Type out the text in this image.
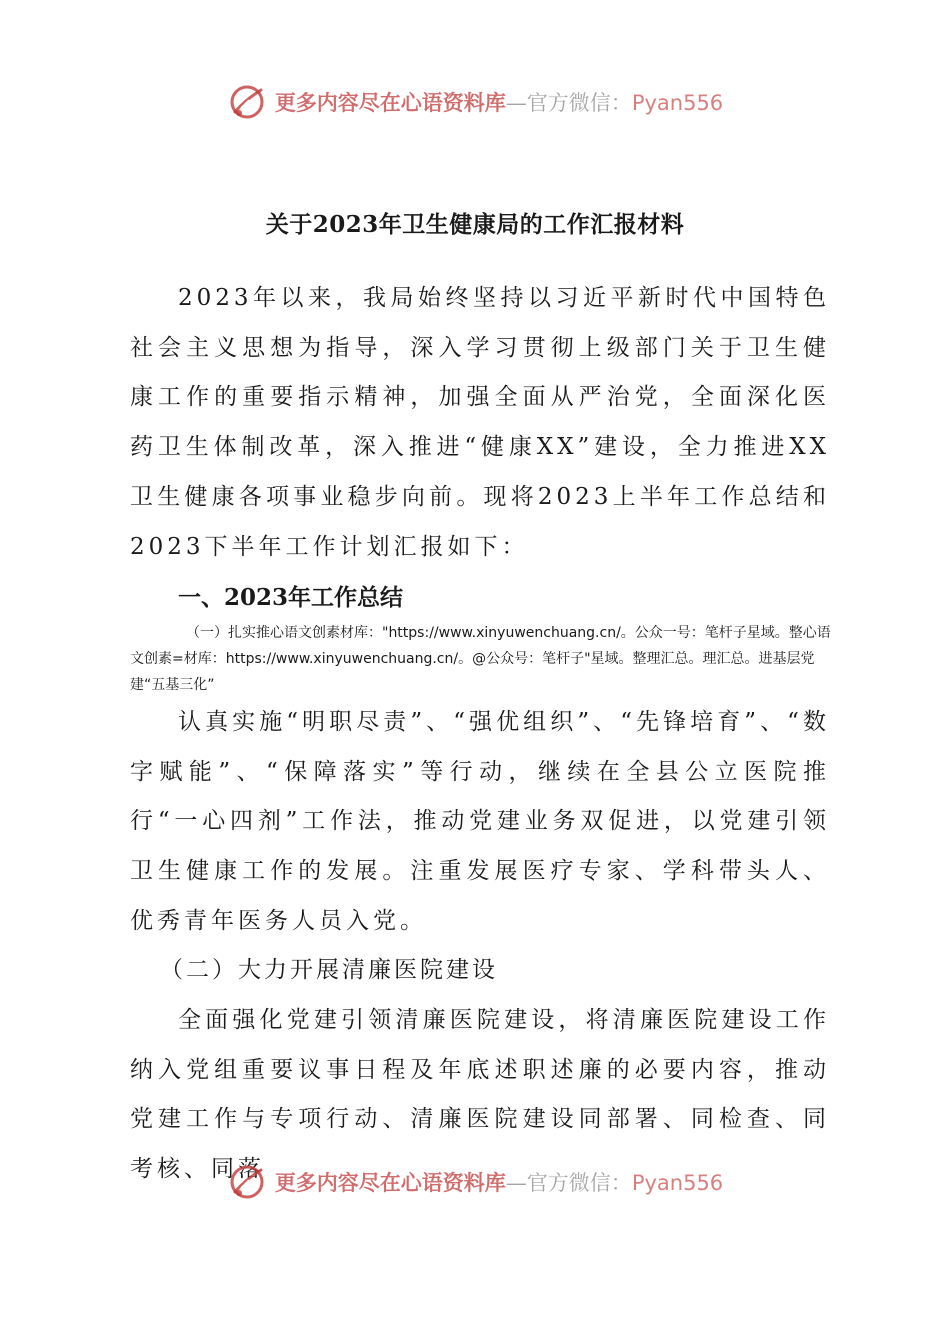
更多内容尽在心语资料库—官方微信：Pyan556
关于2023年卫生健康局的工作汇报材料

2023年以来，我局始终坚持以习近平新时代中国特色社会主义思想为指导，深入学习贯彻上级部门关于卫生健康工作的重要指示精神，加强全面从严治党，全面深化医药卫生体制改革，深入推进“健康XX”建设，全力推进XX卫生健康各项事业稳步向前。现将2023上半年工作总结和2023下半年工作计划汇报如下：

一、2023年工作总结

（一）扎实推心语文创素材库："https://www.xinyuwenchuang.cn/。公众一号：笔杆子星域。整心语文创素=材库：https://www.xinyuwenchuang.cn/。@公众号：笔杆子"星域。整理汇总。理汇总。进基层党建“五基三化”

认真实施“明职尽责”、“强优组织”、“先锋培育”、“数字赋能”、“保障落实”等行动，继续在全县公立医院推行“一心四剂”工作法，推动党建业务双促进，以党建引领卫生健康工作的发展。注重发展医疗专家、学科带头人、优秀青年医务人员入党。

（二）大力开展清廉医院建设

全面强化党建引领清廉医院建设，将清廉医院建设工作纳入党组重要议事日程及年底述职述廉的必要内容，推动党建工作与专项行动、清廉医院建设同部署、同检查、同考核、同落

更多内容尽在心语资料库—官方微信：Pyan556
